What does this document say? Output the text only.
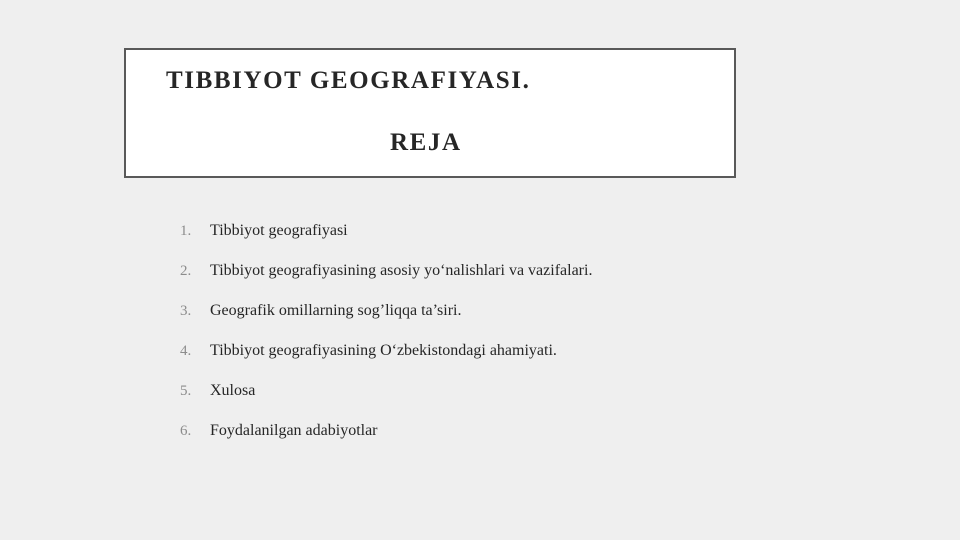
TIBBIYOT GEOGRAFIYASI.
REJA
1.	Tibbiyot geografiyasi
2.	Tibbiyot geografiyasining asosiy yo‘nalishlari va vazifalari.
3.	Geografik omillarning sog’liqqa ta’siri.
4.	Tibbiyot geografiyasining O‘zbekistondagi ahamiyati.
5.	Xulosa
6.	Foydalanilgan adabiyotlar
